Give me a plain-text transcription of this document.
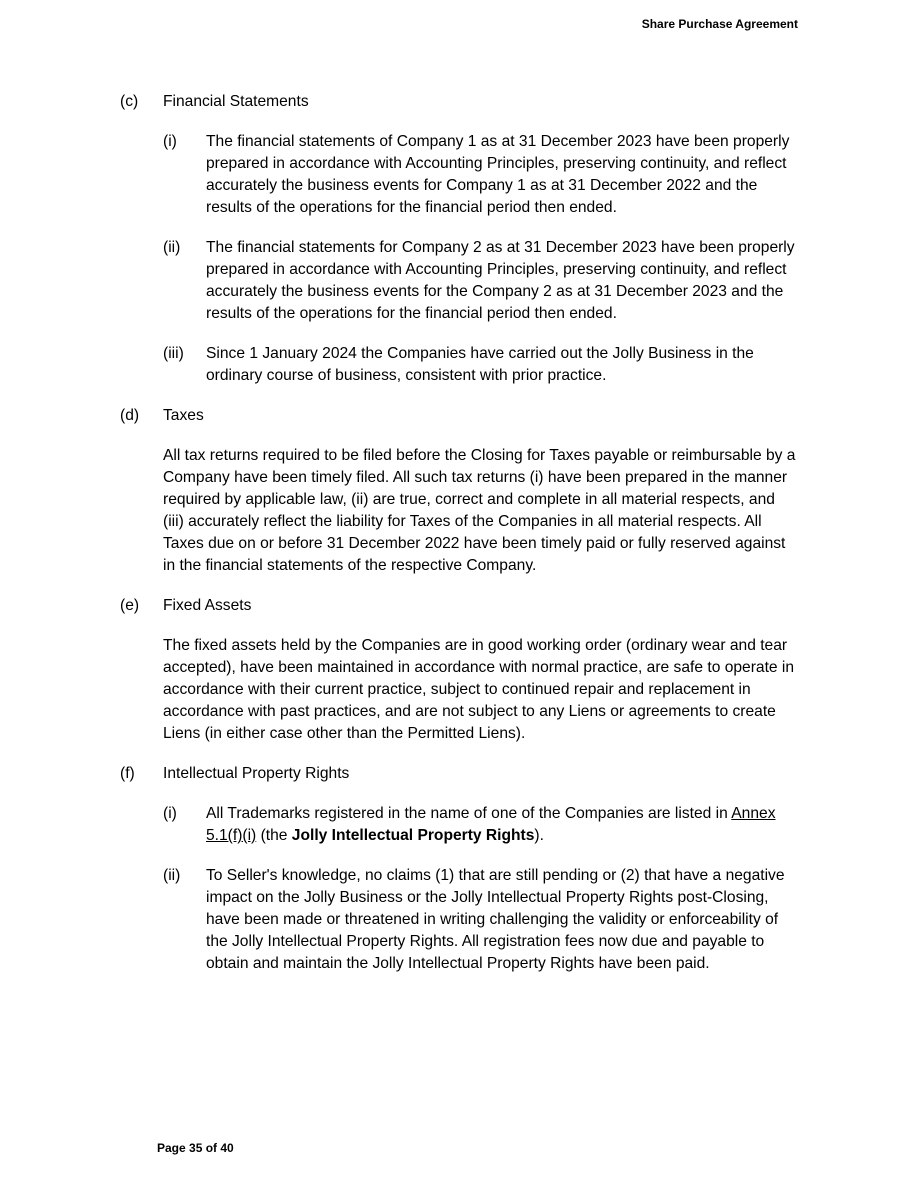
Share Purchase Agreement
(c) Financial Statements
(i) The financial statements of Company 1 as at 31 December 2023 have been properly prepared in accordance with Accounting Principles, preserving continuity, and reflect accurately the business events for Company 1 as at 31 December 2022 and the results of the operations for the financial period then ended.
(ii) The financial statements for Company 2 as at 31 December 2023 have been properly prepared in accordance with Accounting Principles, preserving continuity, and reflect accurately the business events for the Company 2 as at 31 December 2023 and the results of the operations for the financial period then ended.
(iii) Since 1 January 2024 the Companies have carried out the Jolly Business in the ordinary course of business, consistent with prior practice.
(d) Taxes
All tax returns required to be filed before the Closing for Taxes payable or reimbursable by a Company have been timely filed. All such tax returns (i) have been prepared in the manner required by applicable law, (ii) are true, correct and complete in all material respects, and (iii) accurately reflect the liability for Taxes of the Companies in all material respects. All Taxes due on or before 31 December 2022 have been timely paid or fully reserved against in the financial statements of the respective Company.
(e) Fixed Assets
The fixed assets held by the Companies are in good working order (ordinary wear and tear accepted), have been maintained in accordance with normal practice, are safe to operate in accordance with their current practice, subject to continued repair and replacement in accordance with past practices, and are not subject to any Liens or agreements to create Liens (in either case other than the Permitted Liens).
(f) Intellectual Property Rights
(i) All Trademarks registered in the name of one of the Companies are listed in Annex 5.1(f)(i) (the Jolly Intellectual Property Rights).
(ii) To Seller's knowledge, no claims (1) that are still pending or (2) that have a negative impact on the Jolly Business or the Jolly Intellectual Property Rights post-Closing, have been made or threatened in writing challenging the validity or enforceability of the Jolly Intellectual Property Rights. All registration fees now due and payable to obtain and maintain the Jolly Intellectual Property Rights have been paid.
Page 35 of 40
